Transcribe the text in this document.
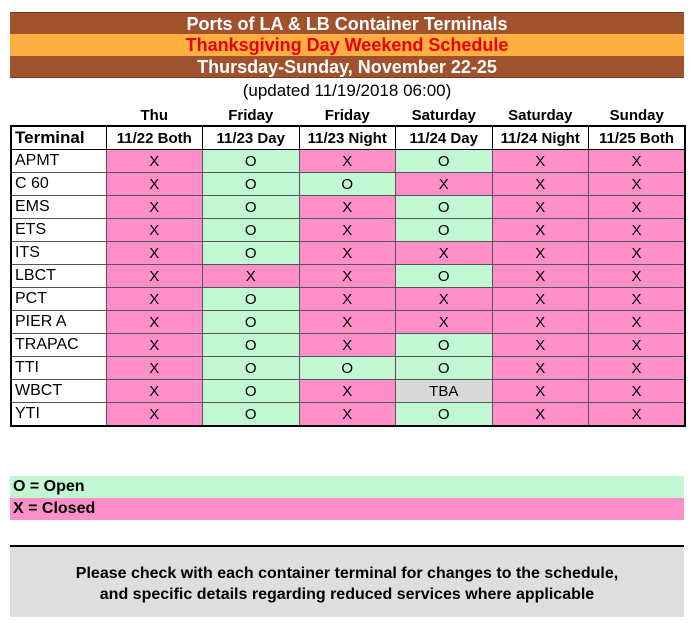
Ports of LA & LB Container Terminals
Thanksgiving Day Weekend Schedule
Thursday-Sunday, November 22-25
(updated 11/19/2018 06:00)
	Thu	Friday	Friday	Saturday	Saturday	Sunday
Terminal	11/22 Both	11/23 Day	11/23 Night	11/24 Day	11/24 Night	11/25 Both
APMT	X	O	X	O	X	X
C 60	X	O	O	X	X	X
EMS	X	O	X	O	X	X
ETS	X	O	X	O	X	X
ITS	X	O	X	X	X	X
LBCT	X	X	X	O	X	X
PCT	X	O	X	X	X	X
PIER A	X	O	X	X	X	X
TRAPAC	X	O	X	O	X	X
TTI	X	O	O	O	X	X
WBCT	X	O	X	TBA	X	X
YTI	X	O	X	O	X	X
O = Open
X = Closed
Please check with each container terminal for changes to the schedule,
and specific details regarding reduced services where applicable
